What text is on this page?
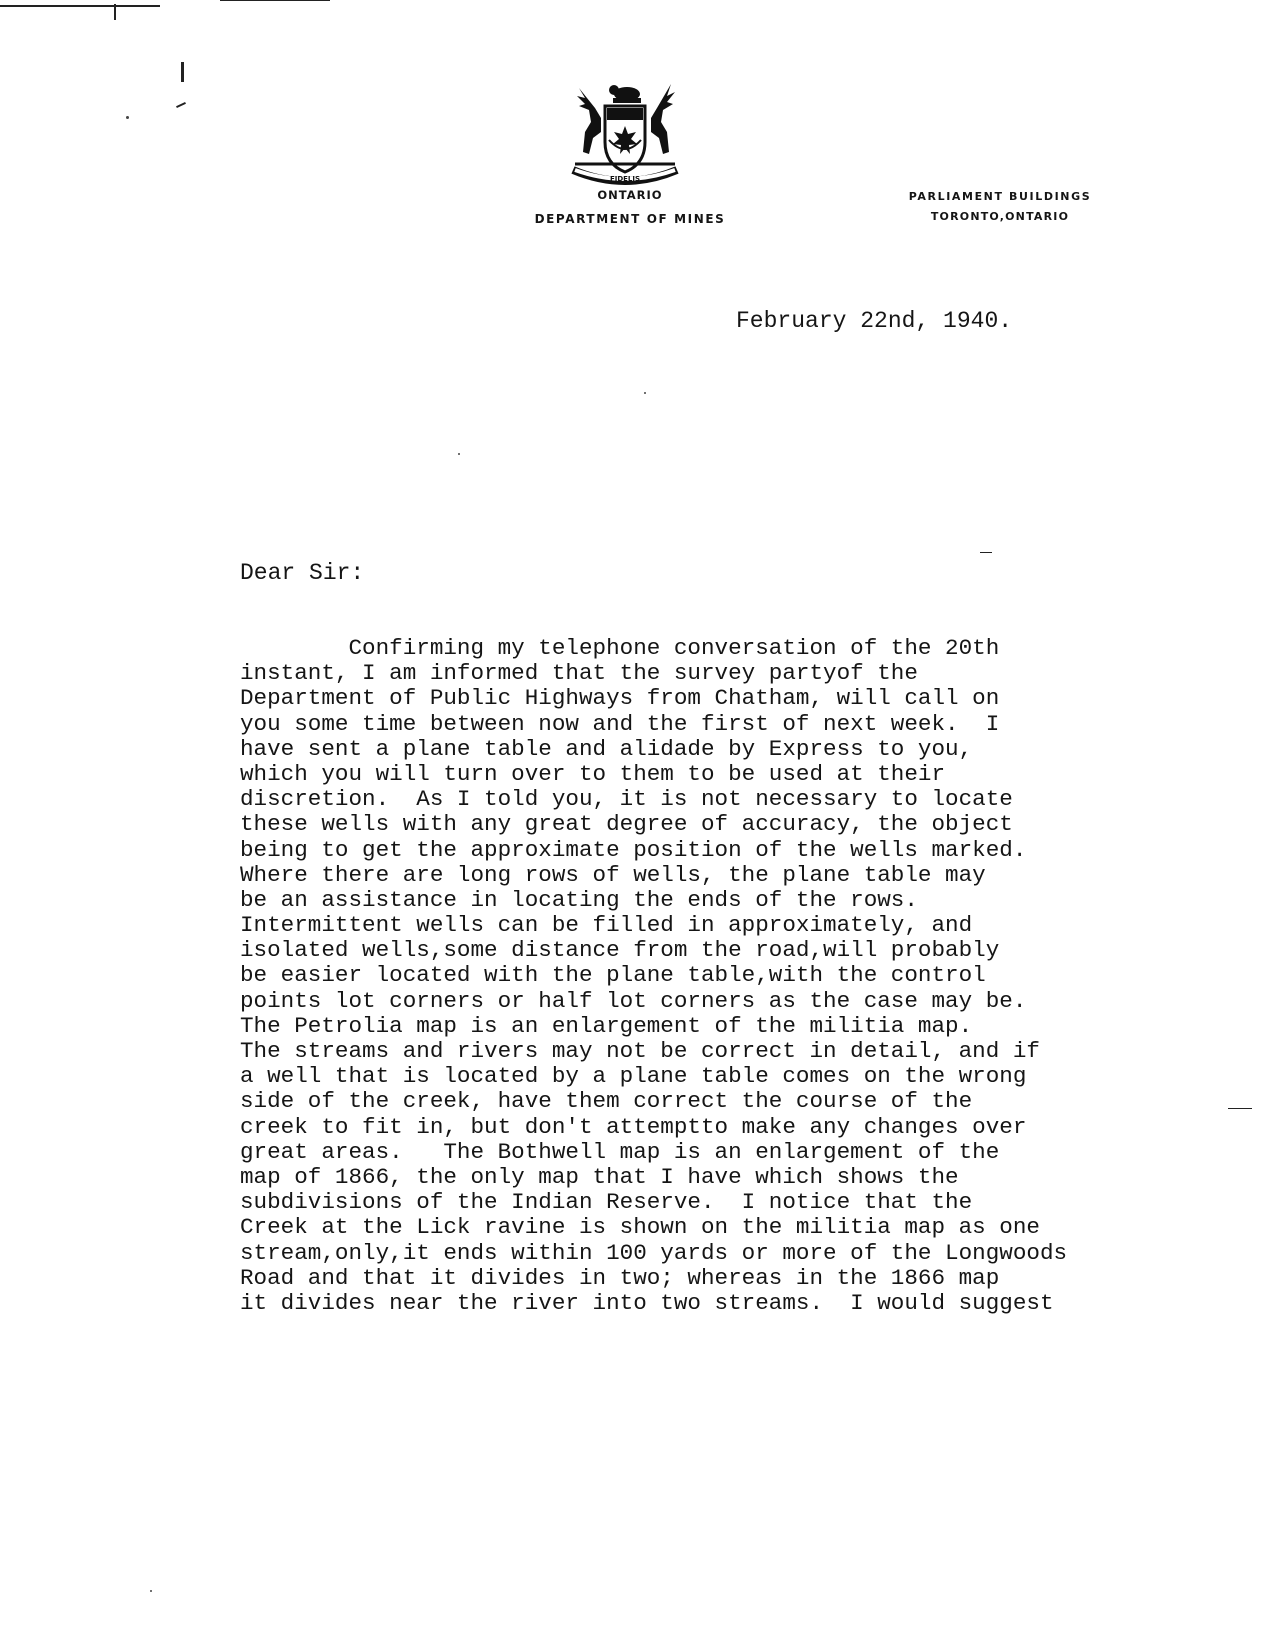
FIDELIS
ONTARIO
DEPARTMENT OF MINES
PARLIAMENT BUILDINGS
TORONTO,ONTARIO
February 22nd, 1940.
Dear Sir:
Confirming my telephone conversation of the 20th
instant, I am informed that the survey partyof the
Department of Public Highways from Chatham, will call on
you some time between now and the first of next week.  I
have sent a plane table and alidade by Express to you,
which you will turn over to them to be used at their
discretion.  As I told you, it is not necessary to locate
these wells with any great degree of accuracy, the object
being to get the approximate position of the wells marked.
Where there are long rows of wells, the plane table may
be an assistance in locating the ends of the rows.
Intermittent wells can be filled in approximately, and
isolated wells,some distance from the road,will probably
be easier located with the plane table,with the control
points lot corners or half lot corners as the case may be.
The Petrolia map is an enlargement of the militia map.
The streams and rivers may not be correct in detail, and if
a well that is located by a plane table comes on the wrong
side of the creek, have them correct the course of the
creek to fit in, but don't attemptto make any changes over
great areas.   The Bothwell map is an enlargement of the
map of 1866, the only map that I have which shows the
subdivisions of the Indian Reserve.  I notice that the
Creek at the Lick ravine is shown on the militia map as one
stream,only,it ends within 100 yards or more of the Longwoods
Road and that it divides in two; whereas in the 1866 map
it divides near the river into two streams.  I would suggest
